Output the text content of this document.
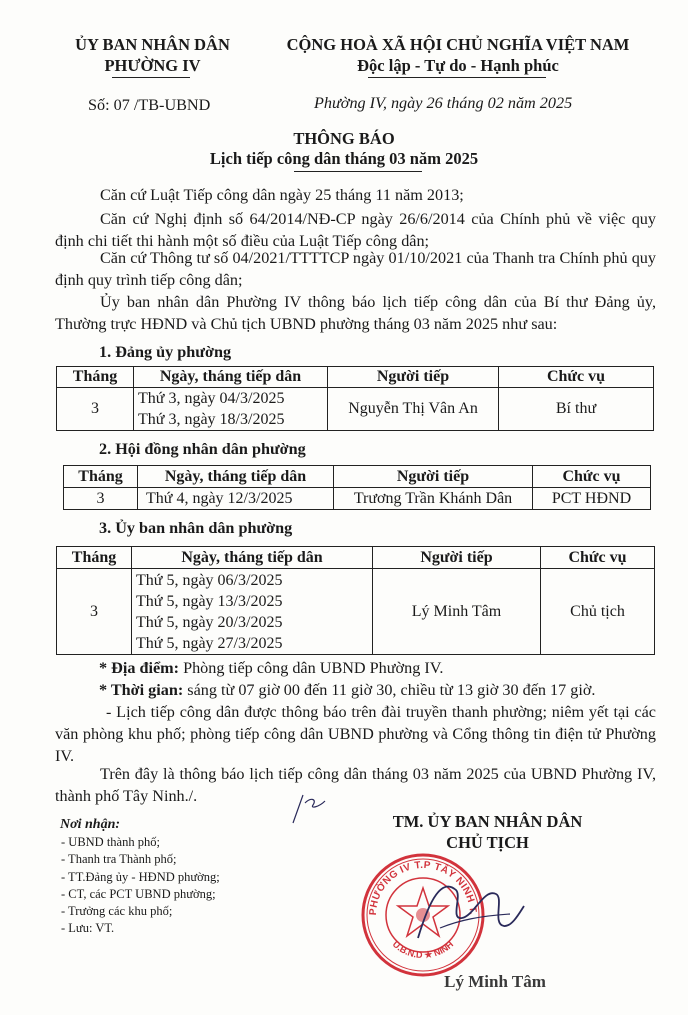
ỦY BAN NHÂN DÂN
PHƯỜNG IV
CỘNG HOÀ XÃ HỘI CHỦ NGHĨA VIỆT NAM
Độc lập - Tự do - Hạnh phúc
Số: 07 /TB-UBND	Phường IV, ngày 26 tháng 02 năm 2025
THÔNG BÁO
Lịch tiếp công dân tháng 03 năm 2025
Căn cứ Luật Tiếp công dân ngày 25 tháng 11 năm 2013;
Căn cứ Nghị định số 64/2014/NĐ-CP ngày 26/6/2014 của Chính phủ về việc quy định chi tiết thi hành một số điều của Luật Tiếp công dân;
Căn cứ Thông tư số 04/2021/TTTTCP ngày 01/10/2021 của Thanh tra Chính phủ quy định quy trình tiếp công dân;
Ủy ban nhân dân Phường IV thông báo lịch tiếp công dân của Bí thư Đảng ủy, Thường trực HĐND và Chủ tịch UBND phường tháng 03 năm 2025 như sau:
1. Đảng ủy phường
Tháng	Ngày, tháng tiếp dân	Người tiếp	Chức vụ
3	Thứ 3, ngày 04/3/2025
Thứ 3, ngày 18/3/2025	Nguyễn Thị Vân An	Bí thư
2. Hội đồng nhân dân phường
Tháng	Ngày, tháng tiếp dân	Người tiếp	Chức vụ
3	Thứ 4, ngày 12/3/2025	Trương Trần Khánh Dân	PCT HĐND
3. Ủy ban nhân dân phường
Tháng	Ngày, tháng tiếp dân	Người tiếp	Chức vụ
3	Thứ 5, ngày 06/3/2025
Thứ 5, ngày 13/3/2025
Thứ 5, ngày 20/3/2025
Thứ 5, ngày 27/3/2025	Lý Minh Tâm	Chủ tịch
* Địa điểm: Phòng tiếp công dân UBND Phường IV.
* Thời gian: sáng từ 07 giờ 00 đến 11 giờ 30, chiều từ 13 giờ 30 đến 17 giờ.
- Lịch tiếp công dân được thông báo trên đài truyền thanh phường; niêm yết tại các văn phòng khu phố; phòng tiếp công dân UBND phường và Cổng thông tin điện tử Phường IV.
Trên đây là thông báo lịch tiếp công dân tháng 03 năm 2025 của UBND Phường IV, thành phố Tây Ninh./.
Nơi nhận:
- UBND thành phố;
- Thanh tra Thành phố;
- TT.Đảng ủy - HĐND phường;
- CT, các PCT UBND phường;
- Trưởng các khu phố;
- Lưu: VT.
TM. ỦY BAN NHÂN DÂN
CHỦ TỊCH
PHƯỜNG IV T.P TÂY NINH T.
U.B.N.D ★ NINH
Lý Minh Tâm
